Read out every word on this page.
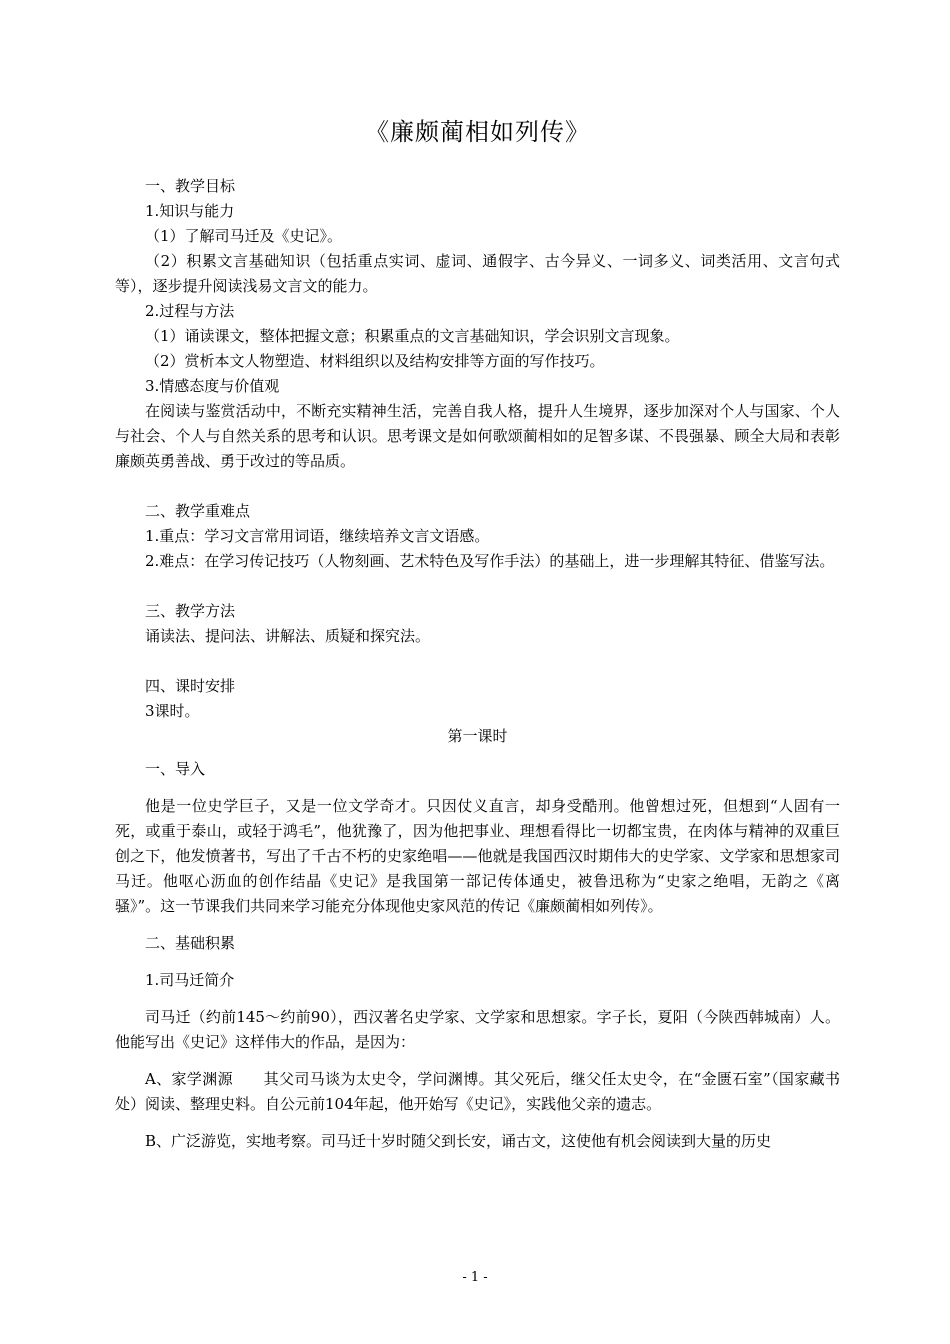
《廉颇蔺相如列传》

一、教学目标

1.知识与能力

（1）了解司马迁及《史记》。

（2）积累文言基础知识（包括重点实词、虚词、通假字、古今异义、一词多义、词类活用、文言句式等），逐步提升阅读浅易文言文的能力。

2.过程与方法

（1）诵读课文，整体把握文意；积累重点的文言基础知识，学会识别文言现象。

（2）赏析本文人物塑造、材料组织以及结构安排等方面的写作技巧。

3.情感态度与价值观

在阅读与鉴赏活动中，不断充实精神生活，完善自我人格，提升人生境界，逐步加深对个人与国家、个人与社会、个人与自然关系的思考和认识。思考课文是如何歌颂蔺相如的足智多谋、不畏强暴、顾全大局和表彰廉颇英勇善战、勇于改过的等品质。

二、教学重难点

1.重点：学习文言常用词语，继续培养文言文语感。

2.难点：在学习传记技巧（人物刻画、艺术特色及写作手法）的基础上，进一步理解其特征、借鉴写法。

三、教学方法

诵读法、提问法、讲解法、质疑和探究法。

四、课时安排

3课时。

第一课时

一、导入

他是一位史学巨子，又是一位文学奇才。只因仗义直言，却身受酷刑。他曾想过死，但想到“人固有一死，或重于泰山，或轻于鸿毛”，他犹豫了，因为他把事业、理想看得比一切都宝贵，在肉体与精神的双重巨创之下，他发愤著书，写出了千古不朽的史家绝唱——他就是我国西汉时期伟大的史学家、文学家和思想家司马迁。他呕心沥血的创作结晶《史记》是我国第一部记传体通史，被鲁迅称为“史家之绝唱，无韵之《离骚》”。这一节课我们共同来学习能充分体现他史家风范的传记《廉颇蔺相如列传》。

二、基础积累

1.司马迁简介

司马迁（约前145～约前90），西汉著名史学家、文学家和思想家。字子长，夏阳（今陕西韩城南）人。他能写出《史记》这样伟大的作品，是因为：

A、家学渊源　　其父司马谈为太史令，学问渊博。其父死后，继父任太史令，在“金匮石室”（国家藏书处）阅读、整理史料。自公元前104年起，他开始写《史记》，实践他父亲的遗志。

B、广泛游览，实地考察。司马迁十岁时随父到长安，诵古文，这使他有机会阅读到大量的历史

- 1 -
